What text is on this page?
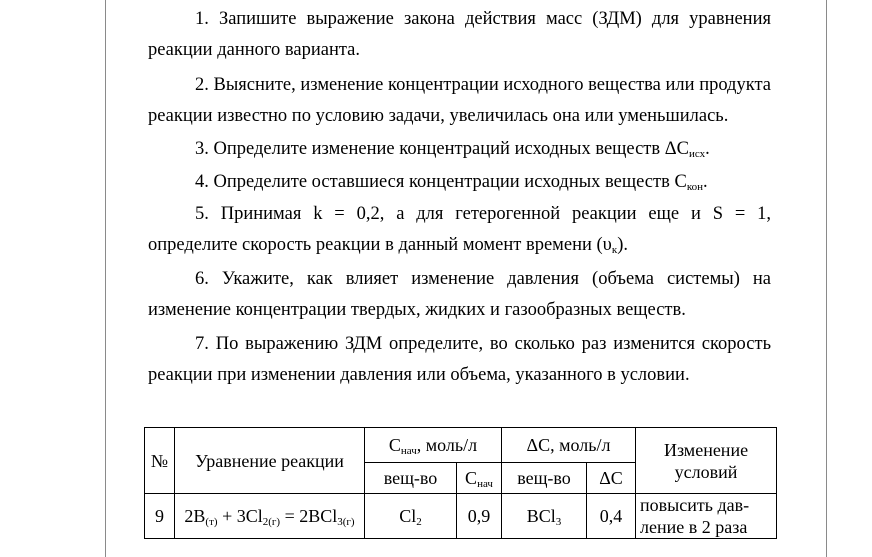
1. Запишите выражение закона действия масс (ЗДМ) для уравнения реакции данного варианта.

2. Выясните, изменение концентрации исходного вещества или продукта реакции известно по условию задачи, увеличилась она или уменьшилась.

3. Определите изменение концентраций исходных веществ $\Delta C_{исх}$.

4. Определите оставшиеся концентрации исходных веществ $C_{кон}$.

5. Принимая k = 0,2, а для гетерогенной реакции еще и S = 1, определите скорость реакции в данный момент времени $(\upsilon_к)$.

6. Укажите, как влияет изменение давления (объема системы) на изменение концентрации твердых, жидких и газообразных веществ.

7. По выражению ЗДМ определите, во сколько раз изменится скорость реакции при изменении давления или объема, указанного в условии.

№	Уравнение реакции	$C_{нач}$, моль/л		ΔC, моль/л		Изменение условий
		вещ-во	$C_{нач}$	вещ-во	ΔC	
9	$2B_{(т)} + 3Cl_{2(г)} = 2BCl_{3(г)}$	$Cl_2$	0,9	BCl$_3$	0,4	повысить дав-ление в 2 раза
